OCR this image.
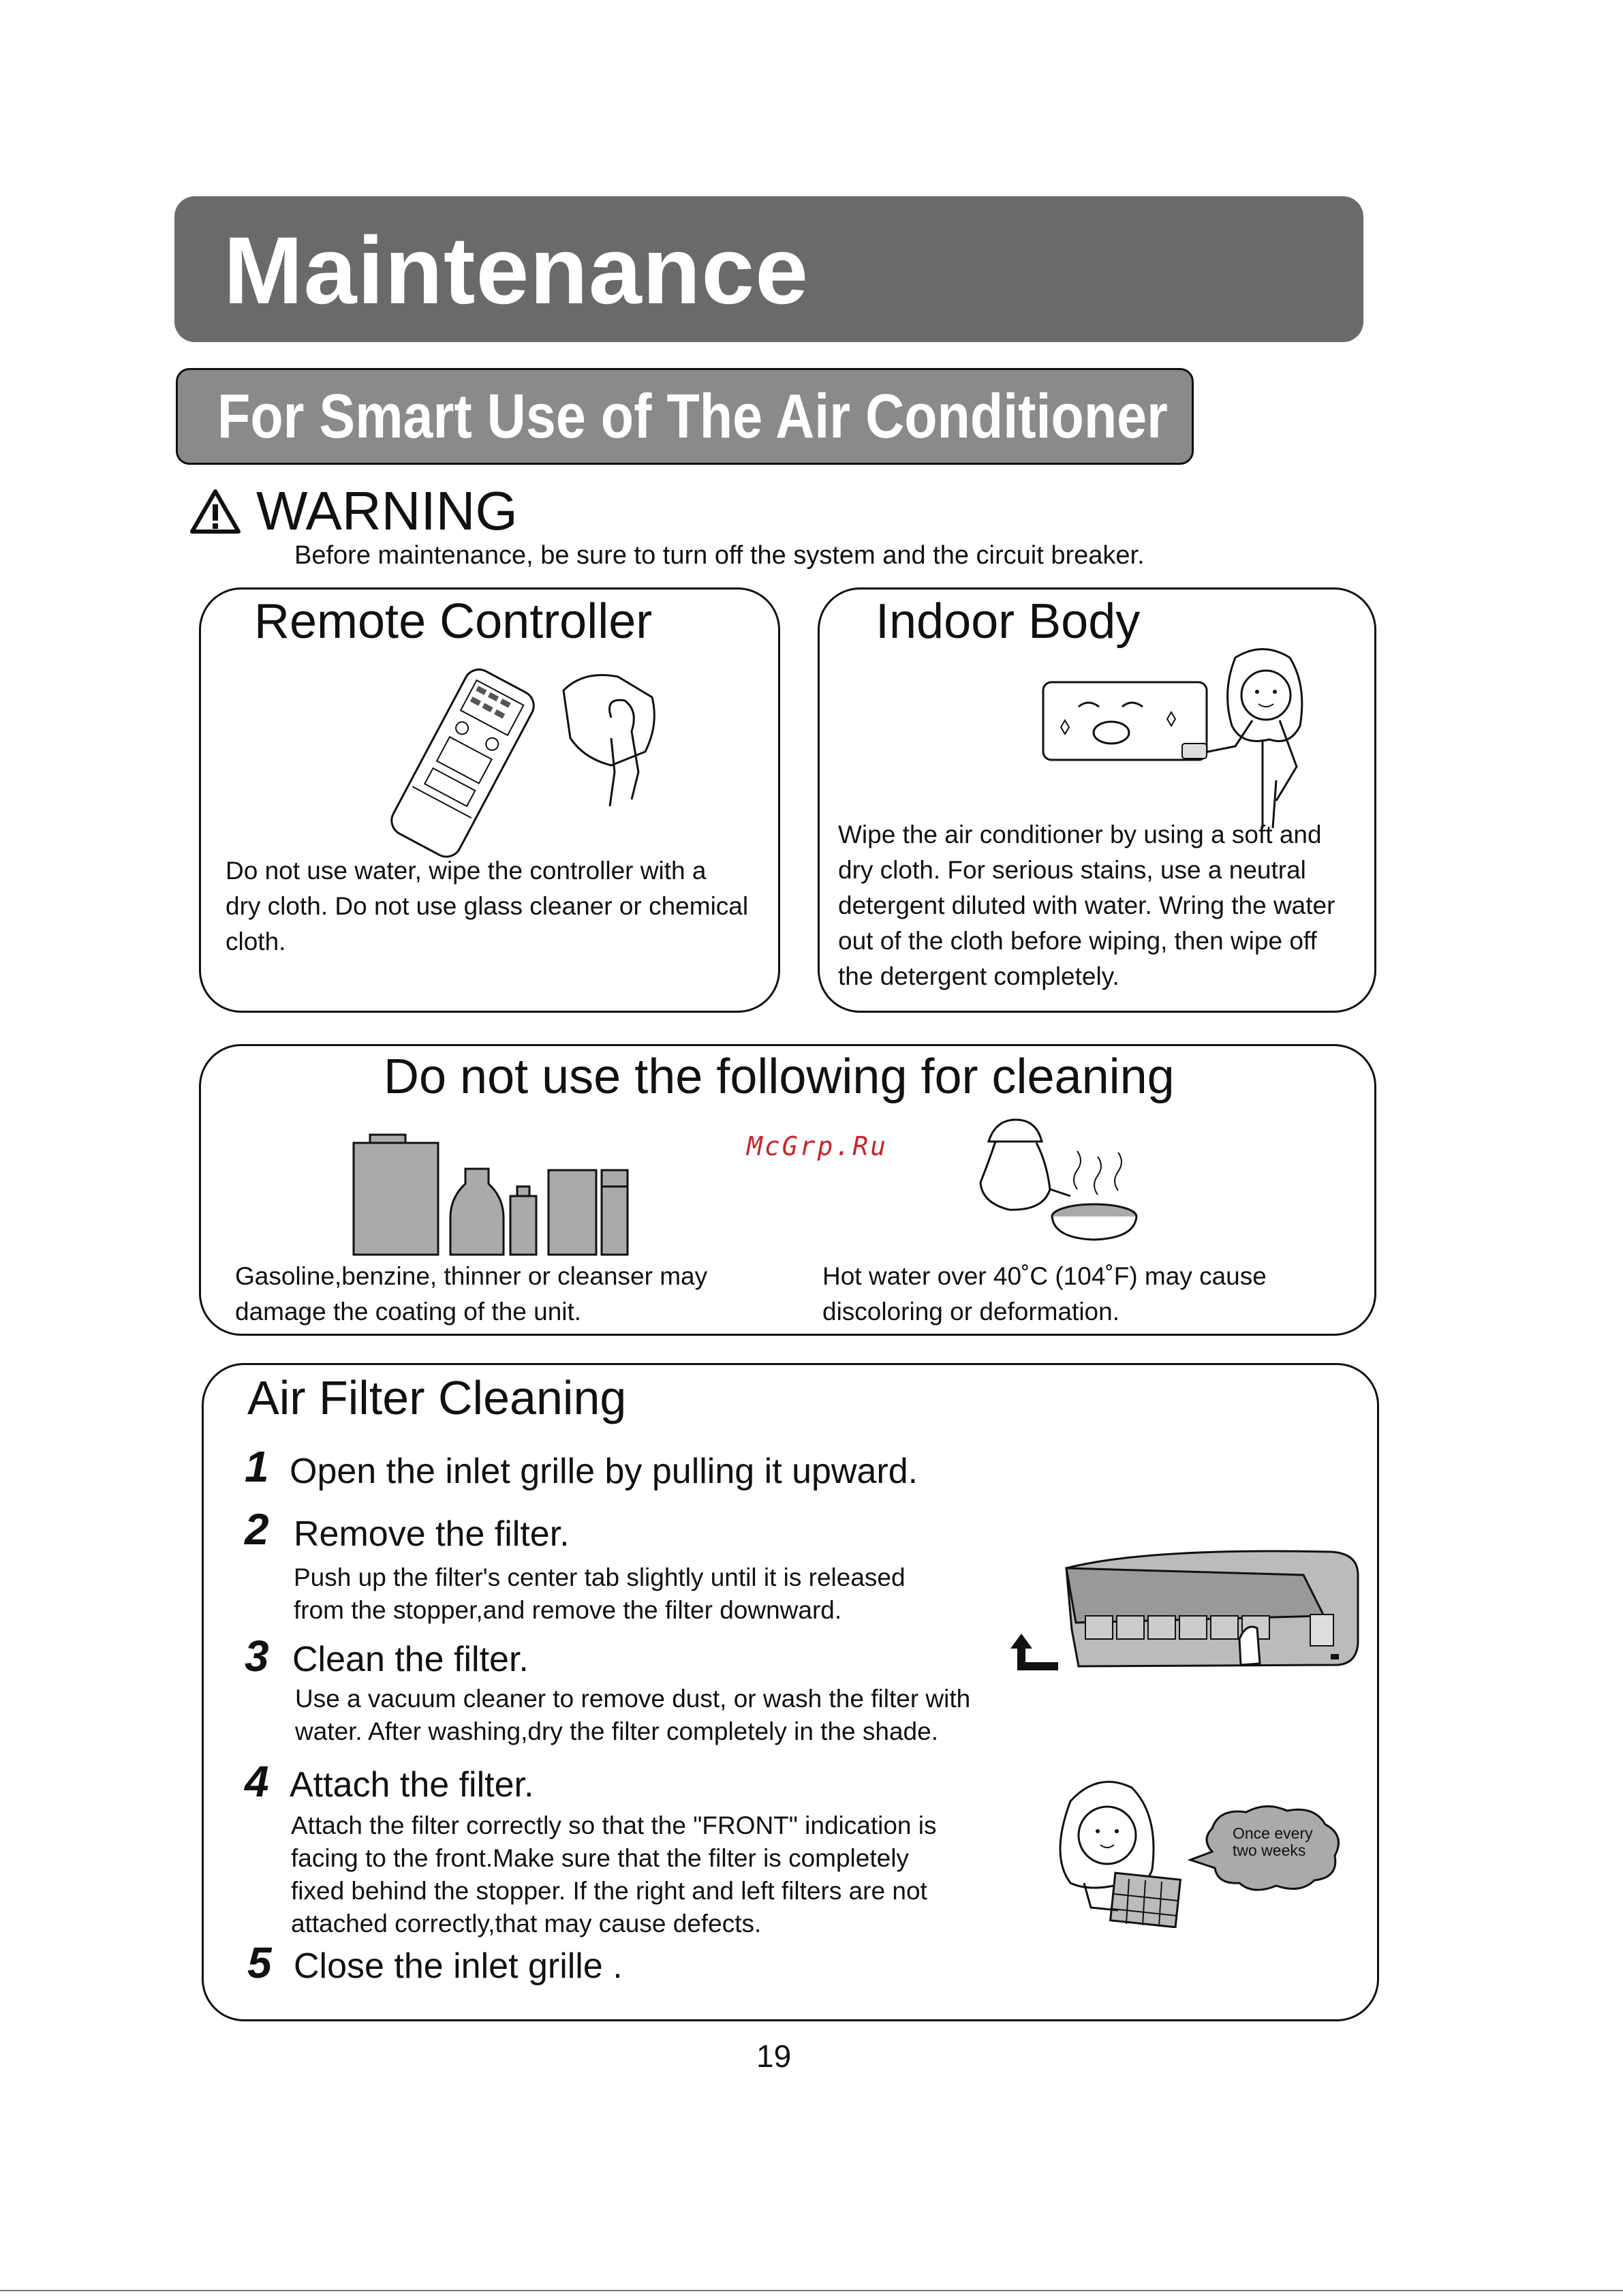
Maintenance
For Smart Use of The Air Conditioner
WARNING
Before maintenance, be sure to turn off the system and the circuit breaker.
Remote Controller
Do not use water, wipe the controller with a
dry cloth. Do not use glass cleaner or chemical
cloth.
Indoor Body
Wipe the air conditioner by using a soft and
dry cloth. For serious stains, use a neutral
detergent diluted with water. Wring the water
out of the cloth before wiping, then wipe off
the detergent completely.
Do not use the following for cleaning
Gasoline,benzine, thinner or cleanser may
damage the coating of the unit.
Hot water over 40˚C (104˚F) may cause
discoloring or deformation.
McGrp.Ru
Air Filter Cleaning
1 Open the inlet grille by pulling it upward.
2 Remove the filter.
Push up the filter's center tab slightly until it is released
from the stopper,and remove the filter downward.
3 Clean the filter.
Use a vacuum cleaner to remove dust, or wash the filter with
water. After washing,dry the filter completely in the shade.
4 Attach the filter.
Attach the filter correctly so that the "FRONT" indication is
facing to the front.Make sure that the filter is completely
fixed behind the stopper. If the right and left filters are not
attached correctly,that may cause defects.
5 Close the inlet grille .
Once every
two weeks
19
